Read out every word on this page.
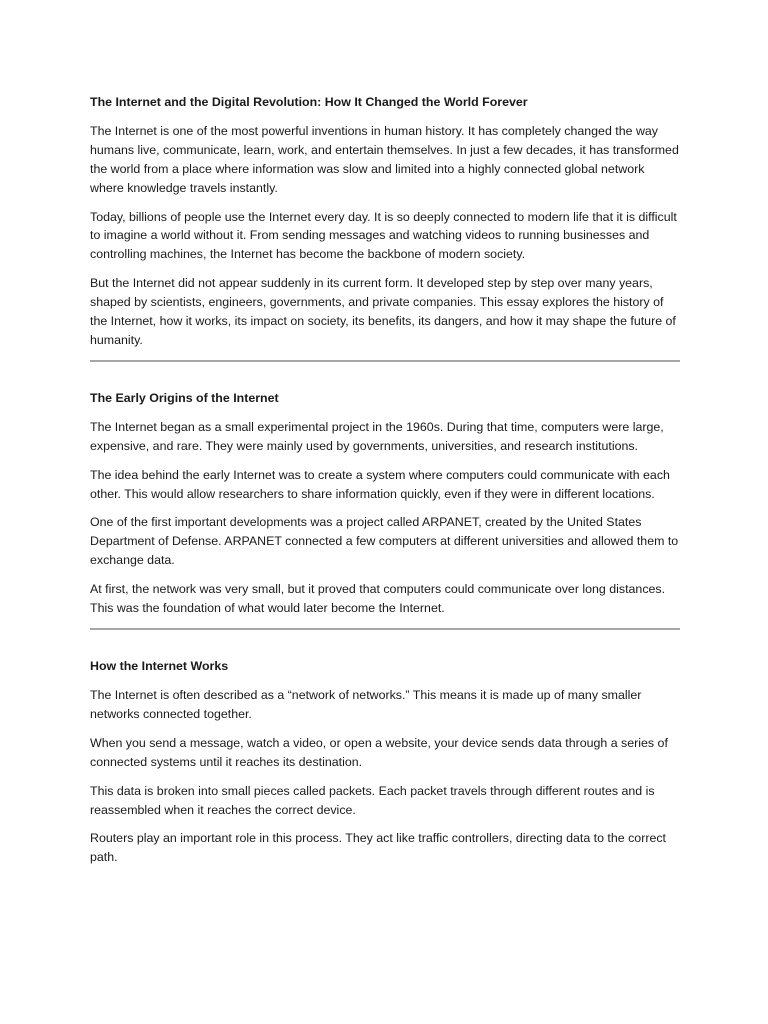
The Internet and the Digital Revolution: How It Changed the World Forever

The Internet is one of the most powerful inventions in human history. It has completely changed the way humans live, communicate, learn, work, and entertain themselves. In just a few decades, it has transformed the world from a place where information was slow and limited into a highly connected global network where knowledge travels instantly.

Today, billions of people use the Internet every day. It is so deeply connected to modern life that it is difficult to imagine a world without it. From sending messages and watching videos to running businesses and controlling machines, the Internet has become the backbone of modern society.

But the Internet did not appear suddenly in its current form. It developed step by step over many years, shaped by scientists, engineers, governments, and private companies. This essay explores the history of the Internet, how it works, its impact on society, its benefits, its dangers, and how it may shape the future of humanity.

The Early Origins of the Internet

The Internet began as a small experimental project in the 1960s. During that time, computers were large, expensive, and rare. They were mainly used by governments, universities, and research institutions.

The idea behind the early Internet was to create a system where computers could communicate with each other. This would allow researchers to share information quickly, even if they were in different locations.

One of the first important developments was a project called ARPANET, created by the United States Department of Defense. ARPANET connected a few computers at different universities and allowed them to exchange data.

At first, the network was very small, but it proved that computers could communicate over long distances. This was the foundation of what would later become the Internet.

How the Internet Works

The Internet is often described as a “network of networks.” This means it is made up of many smaller networks connected together.

When you send a message, watch a video, or open a website, your device sends data through a series of connected systems until it reaches its destination.

This data is broken into small pieces called packets. Each packet travels through different routes and is reassembled when it reaches the correct device.

Routers play an important role in this process. They act like traffic controllers, directing data to the correct path.
